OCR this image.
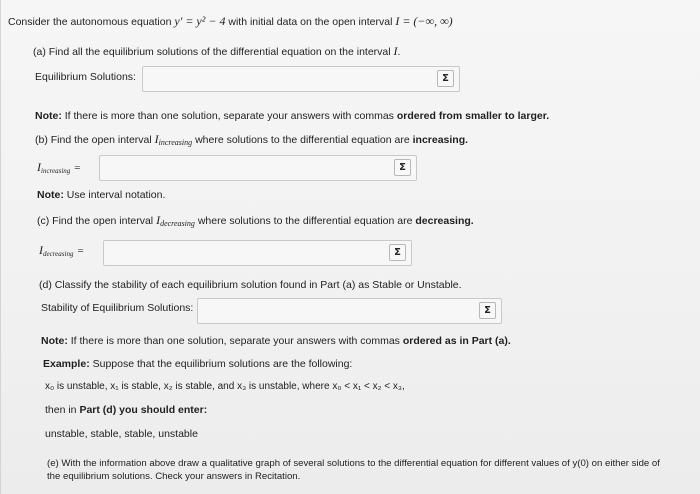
Consider the autonomous equation y′ = y² − 4 with initial data on the open interval I = (−∞, ∞)
(a) Find all the equilibrium solutions of the differential equation on the interval I.
Equilibrium Solutions:	Σ
Note: If there is more than one solution, separate your answers with commas ordered from smaller to larger.
(b) Find the open interval Iincreasing where solutions to the differential equation are increasing.
Iincreasing =	Σ
Note: Use interval notation.
(c) Find the open interval Idecreasing where solutions to the differential equation are decreasing.
Idecreasing =	Σ
(d) Classify the stability of each equilibrium solution found in Part (a) as Stable or Unstable.
Stability of Equilibrium Solutions:	Σ
Note: If there is more than one solution, separate your answers with commas ordered as in Part (a).
Example: Suppose that the equilibrium solutions are the following:
x₀ is unstable, x₁ is stable, x₂ is stable, and x₃ is unstable, where x₀ < x₁ < x₂ < x₃,
then in Part (d) you should enter:
unstable, stable, stable, unstable
(e) With the information above draw a qualitative graph of several solutions to the differential equation for different values of y(0) on either side of
the equilibrium solutions. Check your answers in Recitation.
